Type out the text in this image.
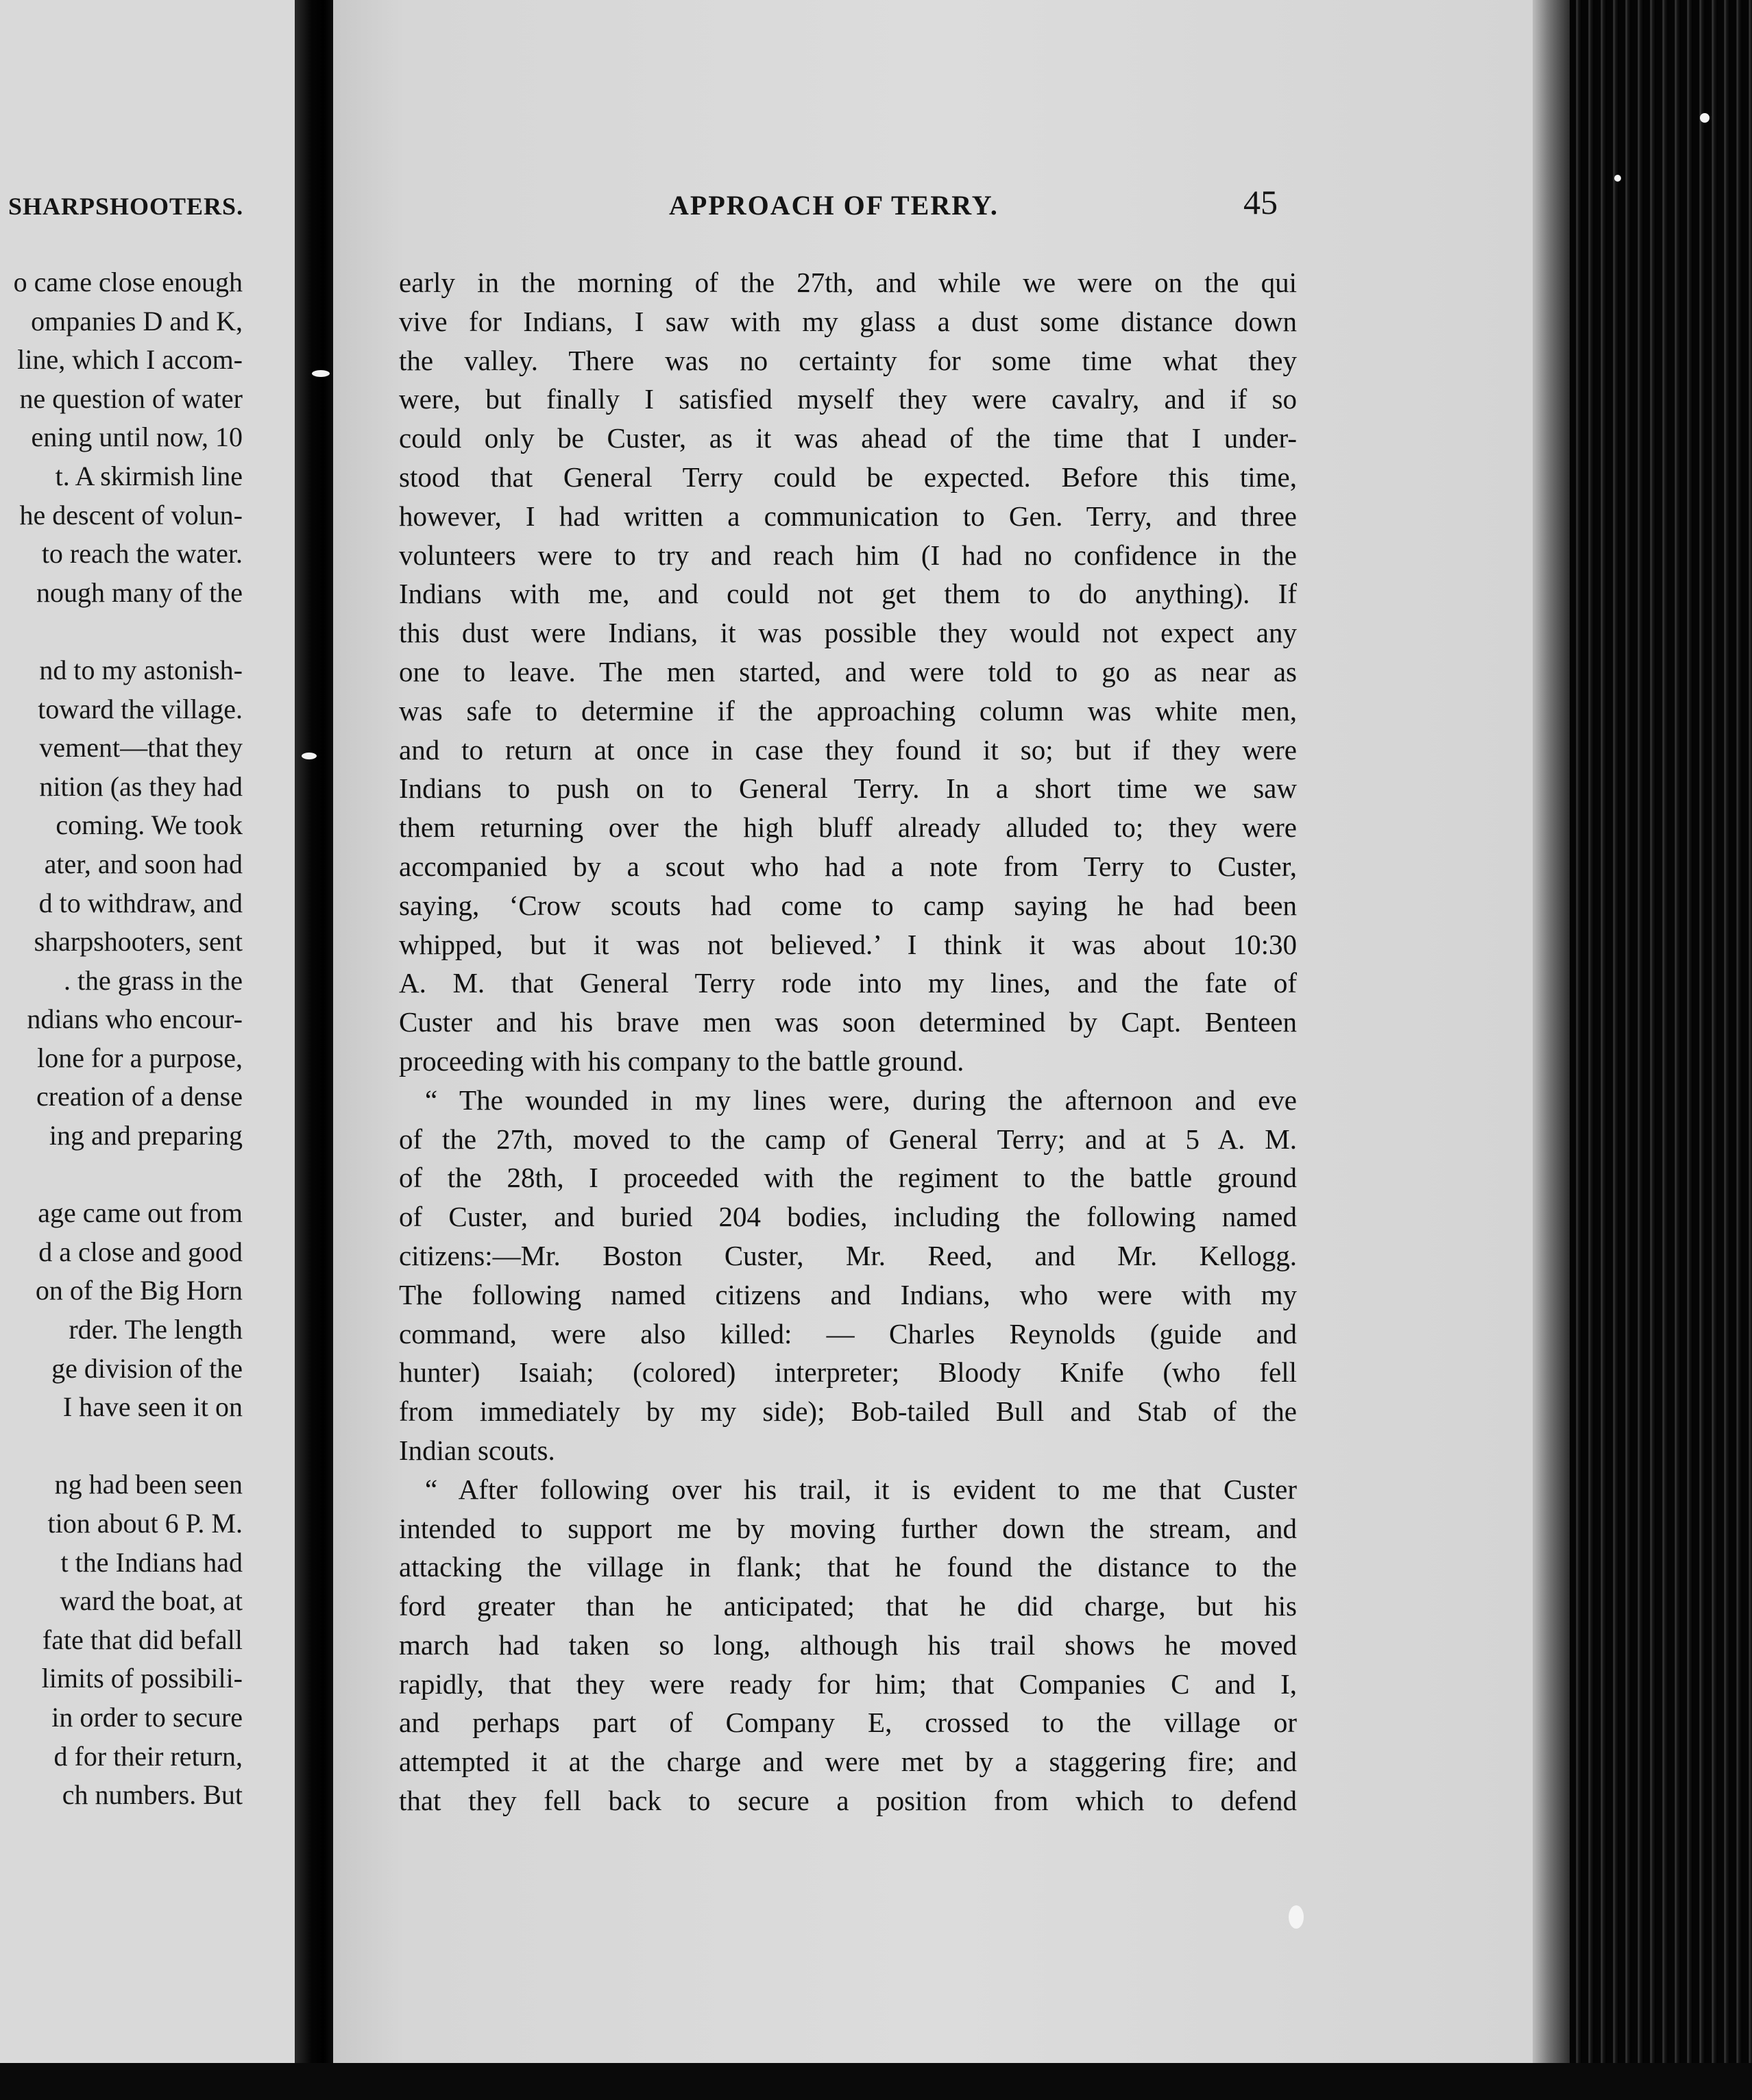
SHARPSHOOTERS.
o came close enough
ompanies D and K,
line, which I accom-
ne question of water
ening until now, 10
t. A skirmish line
he descent of volun-
to reach the water.
nough many of the
nd to my astonish-
toward the village.
vement—that they
nition (as they had
coming. We took
ater, and soon had
d to withdraw, and
sharpshooters, sent
. the grass in the
ndians who encour-
lone for a purpose,
creation of a dense
ing and preparing
age came out from
d a close and good
on of the Big Horn
rder. The length
ge division of the
I have seen it on
ng had been seen
tion about 6 P. M.
t the Indians had
ward the boat, at
fate that did befall
limits of possibili-
in order to secure
d for their return,
ch numbers. But
APPROACH OF TERRY.	45
early in the morning of the 27th, and while we were on the qui
vive for Indians, I saw with my glass a dust some distance down
the valley. There was no certainty for some time what they
were, but finally I satisfied myself they were cavalry, and if so
could only be Custer, as it was ahead of the time that I under-
stood that General Terry could be expected. Before this time,
however, I had written a communication to Gen. Terry, and three
volunteers were to try and reach him (I had no confidence in the
Indians with me, and could not get them to do anything). If
this dust were Indians, it was possible they would not expect any
one to leave. The men started, and were told to go as near as
was safe to determine if the approaching column was white men,
and to return at once in case they found it so; but if they were
Indians to push on to General Terry. In a short time we saw
them returning over the high bluff already alluded to; they were
accompanied by a scout who had a note from Terry to Custer,
saying, ‘Crow scouts had come to camp saying he had been
whipped, but it was not believed.’ I think it was about 10:30
A. M. that General Terry rode into my lines, and the fate of
Custer and his brave men was soon determined by Capt. Benteen
proceeding with his company to the battle ground.
“ The wounded in my lines were, during the afternoon and eve
of the 27th, moved to the camp of General Terry; and at 5 A. M.
of the 28th, I proceeded with the regiment to the battle ground
of Custer, and buried 204 bodies, including the following named
citizens:—Mr. Boston Custer, Mr. Reed, and Mr. Kellogg.
The following named citizens and Indians, who were with my
command, were also killed: — Charles Reynolds (guide and
hunter) Isaiah; (colored) interpreter; Bloody Knife (who fell
from immediately by my side); Bob-tailed Bull and Stab of the
Indian scouts.
“ After following over his trail, it is evident to me that Custer
intended to support me by moving further down the stream, and
attacking the village in flank; that he found the distance to the
ford greater than he anticipated; that he did charge, but his
march had taken so long, although his trail shows he moved
rapidly, that they were ready for him; that Companies C and I,
and perhaps part of Company E, crossed to the village or
attempted it at the charge and were met by a staggering fire; and
that they fell back to secure a position from which to defend
